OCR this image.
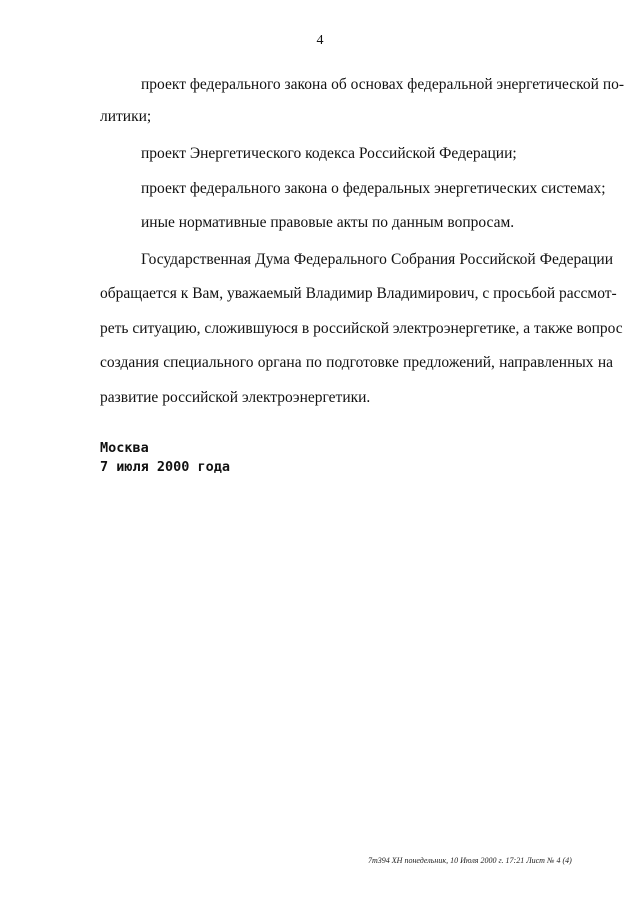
4
проект федерального закона об основах федеральной энергетической по-
литики;
проект Энергетического кодекса Российской Федерации;
проект федерального закона о федеральных энергетических системах;
иные нормативные правовые акты по данным вопросам.
Государственная Дума Федерального Собрания Российской Федерации
обращается к Вам, уважаемый Владимир Владимирович, с просьбой рассмот-
реть ситуацию, сложившуюся в российской электроэнергетике, а также вопрос
создания специального органа по подготовке предложений, направленных на
развитие российской электроэнергетики.
Москва
7 июля 2000 года
7m394 XH понедельник, 10 Июля 2000 г. 17:21 Лист № 4 (4)
